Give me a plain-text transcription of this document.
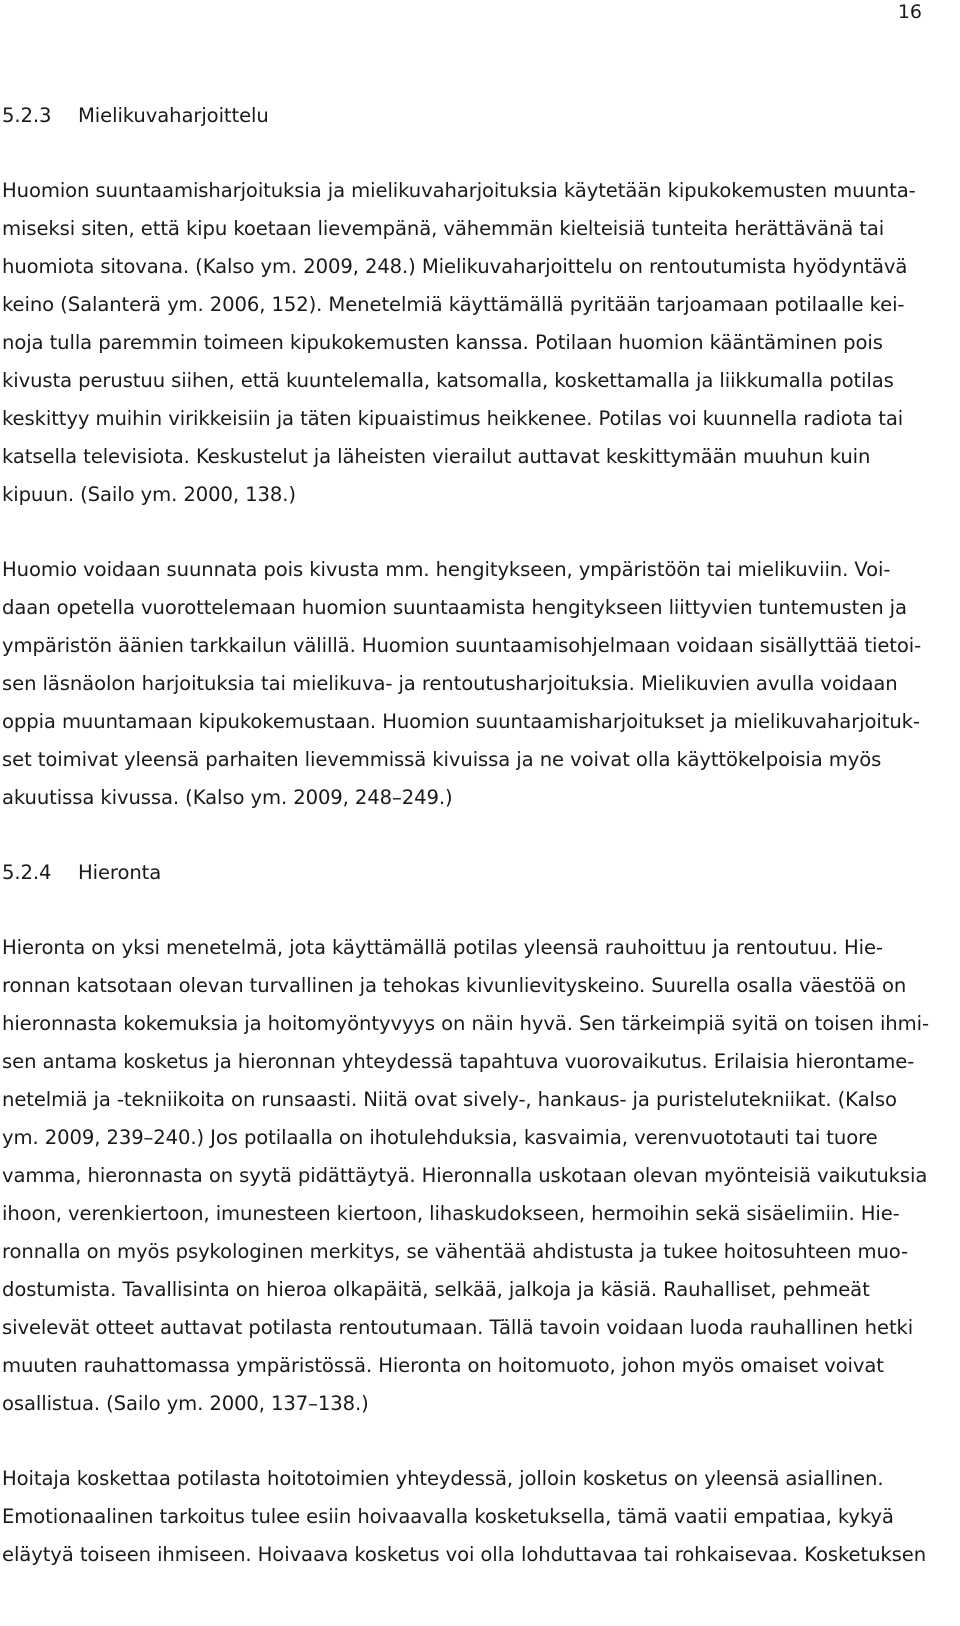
16
5.2.3 Mielikuvaharjoittelu
Huomion suuntaamisharjoituksia ja mielikuvaharjoituksia käytetään kipukokemusten muunta-
miseksi siten, että kipu koetaan lievempänä, vähemmän kielteisiä tunteita herättävänä tai
huomiota sitovana. (Kalso ym. 2009, 248.) Mielikuvaharjoittelu on rentoutumista hyödyntävä
keino (Salanterä ym. 2006, 152). Menetelmiä käyttämällä pyritään tarjoamaan potilaalle kei-
noja tulla paremmin toimeen kipukokemusten kanssa. Potilaan huomion kääntäminen pois
kivusta perustuu siihen, että kuuntelemalla, katsomalla, koskettamalla ja liikkumalla potilas
keskittyy muihin virikkeisiin ja täten kipuaistimus heikkenee. Potilas voi kuunnella radiota tai
katsella televisiota. Keskustelut ja läheisten vierailut auttavat keskittymään muuhun kuin
kipuun. (Sailo ym. 2000, 138.)
Huomio voidaan suunnata pois kivusta mm. hengitykseen, ympäristöön tai mielikuviin. Voi-
daan opetella vuorottelemaan huomion suuntaamista hengitykseen liittyvien tuntemusten ja
ympäristön äänien tarkkailun välillä. Huomion suuntaamisohjelmaan voidaan sisällyttää tietoi-
sen läsnäolon harjoituksia tai mielikuva- ja rentoutusharjoituksia. Mielikuvien avulla voidaan
oppia muuntamaan kipukokemustaan. Huomion suuntaamisharjoitukset ja mielikuvaharjoituk-
set toimivat yleensä parhaiten lievemmissä kivuissa ja ne voivat olla käyttökelpoisia myös
akuutissa kivussa. (Kalso ym. 2009, 248–249.)
5.2.4 Hieronta
Hieronta on yksi menetelmä, jota käyttämällä potilas yleensä rauhoittuu ja rentoutuu. Hie-
ronnan katsotaan olevan turvallinen ja tehokas kivunlievityskeino. Suurella osalla väestöä on
hieronnasta kokemuksia ja hoitomyöntyvyys on näin hyvä. Sen tärkeimpiä syitä on toisen ihmi-
sen antama kosketus ja hieronnan yhteydessä tapahtuva vuorovaikutus. Erilaisia hierontame-
netelmiä ja -tekniikoita on runsaasti. Niitä ovat sively-, hankaus- ja puristelutekniikat. (Kalso
ym. 2009, 239–240.) Jos potilaalla on ihotulehduksia, kasvaimia, verenvuototauti tai tuore
vamma, hieronnasta on syytä pidättäytyä. Hieronnalla uskotaan olevan myönteisiä vaikutuksia
ihoon, verenkiertoon, imunesteen kiertoon, lihaskudokseen, hermoihin sekä sisäelimiin. Hie-
ronnalla on myös psykologinen merkitys, se vähentää ahdistusta ja tukee hoitosuhteen muo-
dostumista. Tavallisinta on hieroa olkapäitä, selkää, jalkoja ja käsiä. Rauhalliset, pehmeät
sivelevät otteet auttavat potilasta rentoutumaan. Tällä tavoin voidaan luoda rauhallinen hetki
muuten rauhattomassa ympäristössä. Hieronta on hoitomuoto, johon myös omaiset voivat
osallistua. (Sailo ym. 2000, 137–138.)
Hoitaja koskettaa potilasta hoitotoimien yhteydessä, jolloin kosketus on yleensä asiallinen.
Emotionaalinen tarkoitus tulee esiin hoivaavalla kosketuksella, tämä vaatii empatiaa, kykyä
eläytyä toiseen ihmiseen. Hoivaava kosketus voi olla lohduttavaa tai rohkaisevaa. Kosketuksen
